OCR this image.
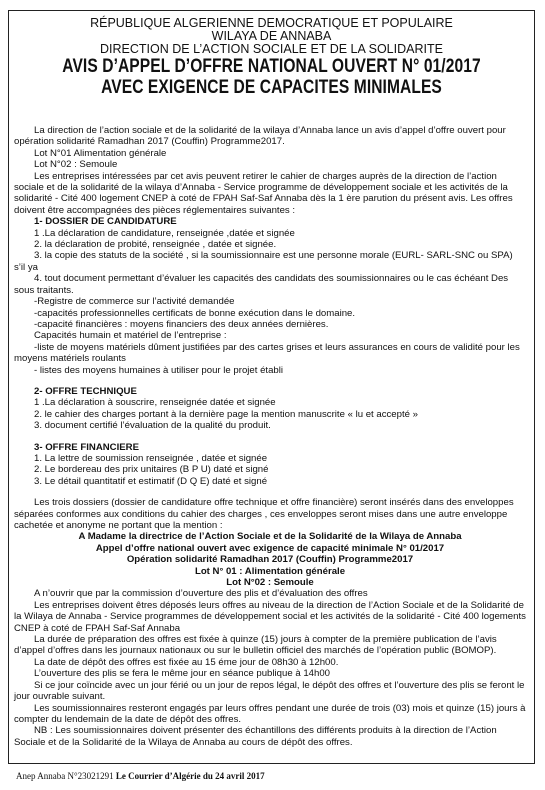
RÉPUBLIQUE ALGERIENNE DEMOCRATIQUE ET POPULAIRE
WILAYA DE ANNABA
DIRECTION DE L’ACTION SOCIALE ET DE LA SOLIDARITE
AVIS D’APPEL D’OFFRE NATIONAL OUVERT N° 01/2017
AVEC EXIGENCE DE CAPACITES MINIMALES

La direction de l’action sociale et de la solidarité de la wilaya d’Annaba lance un avis d’appel d’offre ouvert pour opération solidarité Ramadhan 2017 (Couffin) Programme2017.

Lot N°01 Alimentation générale

Lot N°02 : Semoule

Les entreprises intéressées par cet avis peuvent retirer le cahier de charges auprès de la direction de l’action sociale et de la solidarité de la wilaya d’Annaba - Service programme de développement sociale et les activités de la solidarité - Cité 400 logement CNEP à coté de FPAH Saf-Saf Annaba dès la 1 ère parution du présent avis. Les offres doivent être accompagnées des pièces réglementaires suivantes :

1- DOSSIER DE CANDIDATURE

1 .La déclaration de candidature, renseignée ,datée et signée

2. la déclaration de probité, renseignée , datée et signée.

3. la copie des statuts de la société , si la soumissionnaire est une personne morale (EURL- SARL-SNC ou SPA) s’il ya

4. tout document permettant d’évaluer les capacités des candidats des soumissionnaires ou le cas échéant Des sous traitants.

-Registre de commerce sur l’activité demandée

-capacités professionnelles certificats de bonne exécution dans le domaine.

-capacité financières : moyens financiers des deux années dernières.

Capacités humain et matériel de l’entreprise :

-liste de moyens matériels dûment justifiées par des cartes grises et leurs assurances en cours de validité pour les moyens matériels roulants

- listes des moyens humaines à utiliser pour le projet établi

2- OFFRE TECHNIQUE

1 .La déclaration à souscrire, renseignée datée et signée

2. le cahier des charges portant à la dernière page la mention manuscrite « lu et accepté »

3. document certifié l’évaluation de la qualité du produit.

3- OFFRE FINANCIERE

1. La lettre de soumission renseignée , datée et signée

2. Le bordereau des prix unitaires (B P U) daté et signé

3. Le détail quantitatif et estimatif (D Q E) daté et signé

Les trois dossiers (dossier de candidature offre technique et offre financière) seront insérés dans des enveloppes séparées conformes aux conditions du cahier des charges , ces enveloppes seront mises dans une autre enveloppe cachetée et anonyme ne portant que la mention :

A Madame la directrice de l’Action Sociale et de la Solidarité de la Wilaya de Annaba

Appel d’offre national ouvert avec exigence de capacité minimale N° 01/2017

Opération solidarité Ramadhan 2017 (Couffin) Programme2017

Lot N° 01 : Alimentation générale

Lot N°02 : Semoule

A n’ouvrir que par la commission d’ouverture des plis et d’évaluation des offres

Les entreprises doivent êtres déposés leurs offres au niveau de la direction de l’Action Sociale et de la Solidarité de la Wilaya de Annaba - Service programmes de développement social et les activités de la solidarité - Cité 400 logements CNEP à coté de FPAH Saf-Saf Annaba

La durée de préparation des offres est fixée à quinze (15) jours à compter de la première publication de l’avis d’appel d’offres dans les journaux nationaux ou sur le bulletin officiel des marchés de l’opération public (BOMOP).

La date de dépôt des offres est fixée au 15 éme jour de 08h30 à 12h00.

L’ouverture des plis se fera le même jour en séance publique à 14h00

Si ce jour coïncide avec un jour férié ou un jour de repos légal, le dépôt des offres et l’ouverture des plis se feront le jour ouvrable suivant.

Les soumissionnaires resteront engagés par leurs offres pendant une durée de trois (03) mois et quinze (15) jours à compter du lendemain de la date de dépôt des offres.

NB : Les soumissionnaires doivent présenter des échantillons des différents produits à la direction de l’Action Sociale et de la Solidarité de la Wilaya de Annaba au cours de dépôt des offres.

Anep Annaba N°23021291 Le Courrier d’Algérie du 24 avril 2017
